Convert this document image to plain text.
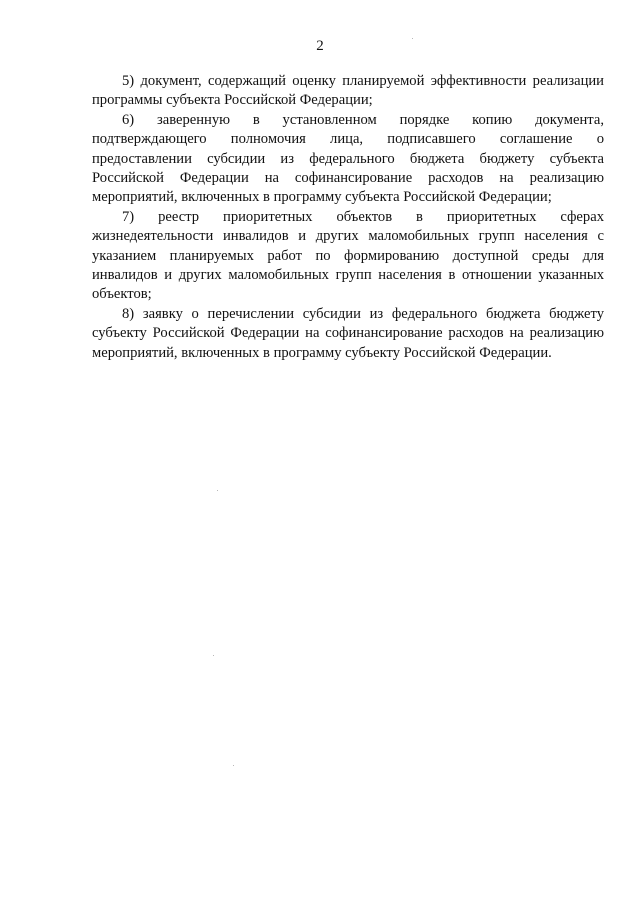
2

5) документ, содержащий оценку планируемой эффективности реализации программы субъекта Российской Федерации;

6) заверенную в установленном порядке копию документа, подтверждающего полномочия лица, подписавшего соглашение о предоставлении субсидии из федерального бюджета бюджету субъекта Российской Федерации на софинансирование расходов на реализацию мероприятий, включенных в программу субъекта Российской Федерации;

7) реестр приоритетных объектов в приоритетных сферах жизнедеятельности инвалидов и других маломобильных групп населения с указанием планируемых работ по формированию доступной среды для инвалидов и других маломобильных групп населения в отношении указанных объектов;

8) заявку о перечислении субсидии из федерального бюджета бюджету субъекту Российской Федерации на софинансирование расходов на реализацию мероприятий, включенных в программу субъекту Российской Федерации.
